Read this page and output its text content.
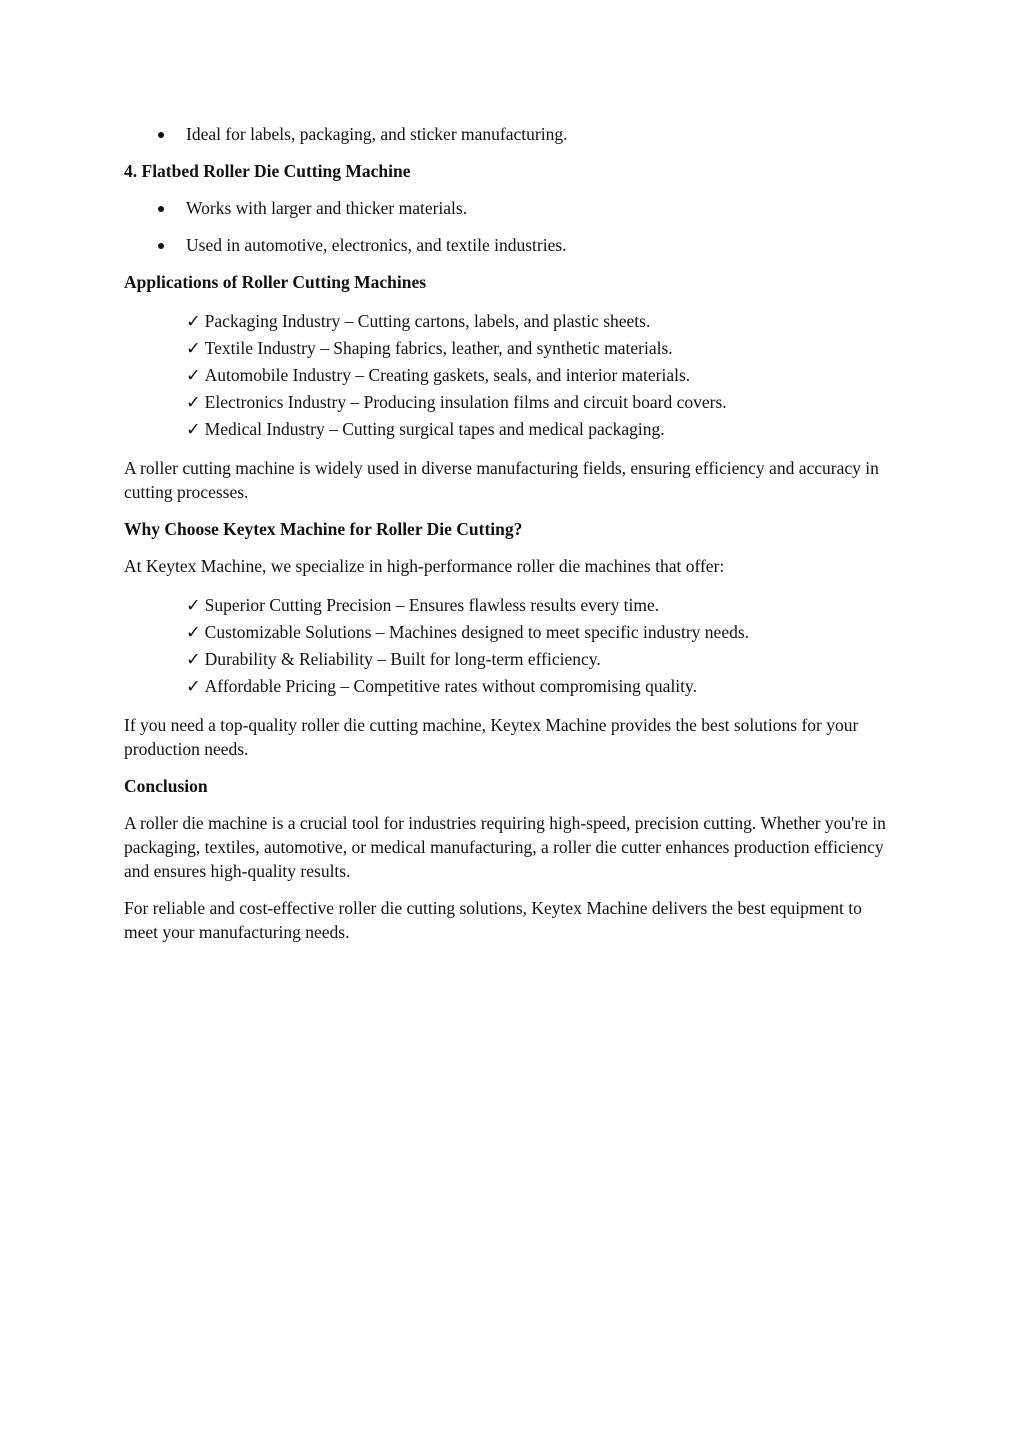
Ideal for labels, packaging, and sticker manufacturing.
4. Flatbed Roller Die Cutting Machine
Works with larger and thicker materials.
Used in automotive, electronics, and textile industries.
Applications of Roller Cutting Machines
✓ Packaging Industry – Cutting cartons, labels, and plastic sheets.
✓ Textile Industry – Shaping fabrics, leather, and synthetic materials.
✓ Automobile Industry – Creating gaskets, seals, and interior materials.
✓ Electronics Industry – Producing insulation films and circuit board covers.
✓ Medical Industry – Cutting surgical tapes and medical packaging.

A roller cutting machine is widely used in diverse manufacturing fields, ensuring efficiency and accuracy in cutting processes.

Why Choose Keytex Machine for Roller Die Cutting?

At Keytex Machine, we specialize in high-performance roller die machines that offer:

✓ Superior Cutting Precision – Ensures flawless results every time.
✓ Customizable Solutions – Machines designed to meet specific industry needs.
✓ Durability & Reliability – Built for long-term efficiency.
✓ Affordable Pricing – Competitive rates without compromising quality.

If you need a top-quality roller die cutting machine, Keytex Machine provides the best solutions for your production needs.

Conclusion

A roller die machine is a crucial tool for industries requiring high-speed, precision cutting. Whether you're in packaging, textiles, automotive, or medical manufacturing, a roller die cutter enhances production efficiency and ensures high-quality results.

For reliable and cost-effective roller die cutting solutions, Keytex Machine delivers the best equipment to meet your manufacturing needs.
